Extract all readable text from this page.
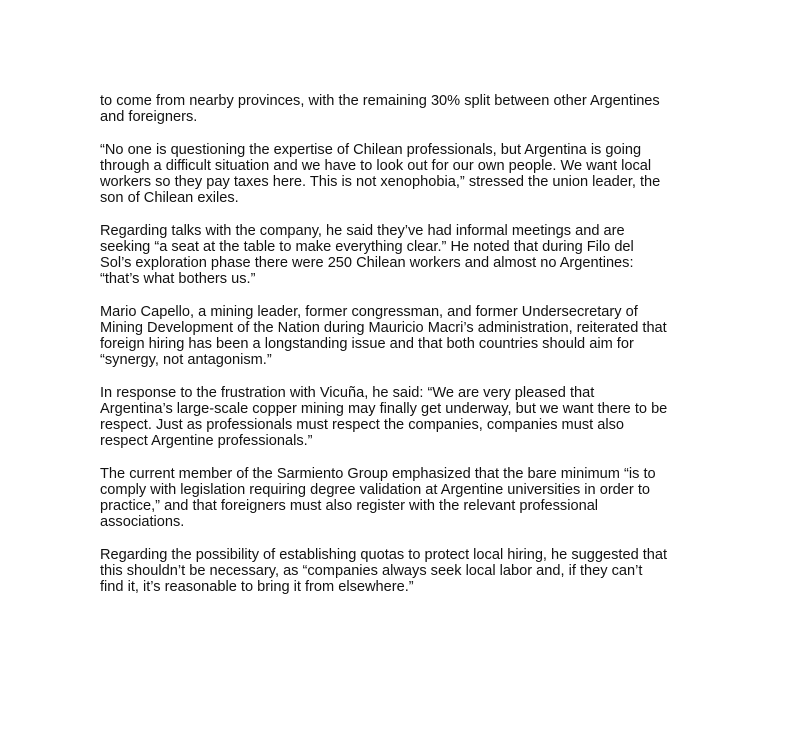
to come from nearby provinces, with the remaining 30% split between other Argentines
and foreigners.

“No one is questioning the expertise of Chilean professionals, but Argentina is going
through a difficult situation and we have to look out for our own people. We want local
workers so they pay taxes here. This is not xenophobia,” stressed the union leader, the
son of Chilean exiles.

Regarding talks with the company, he said they’ve had informal meetings and are
seeking “a seat at the table to make everything clear.” He noted that during Filo del
Sol’s exploration phase there were 250 Chilean workers and almost no Argentines:
“that’s what bothers us.”

Mario Capello, a mining leader, former congressman, and former Undersecretary of
Mining Development of the Nation during Mauricio Macri’s administration, reiterated that
foreign hiring has been a longstanding issue and that both countries should aim for
“synergy, not antagonism.”

In response to the frustration with Vicuña, he said: “We are very pleased that
Argentina’s large-scale copper mining may finally get underway, but we want there to be
respect. Just as professionals must respect the companies, companies must also
respect Argentine professionals.”

The current member of the Sarmiento Group emphasized that the bare minimum “is to
comply with legislation requiring degree validation at Argentine universities in order to
practice,” and that foreigners must also register with the relevant professional
associations.

Regarding the possibility of establishing quotas to protect local hiring, he suggested that
this shouldn’t be necessary, as “companies always seek local labor and, if they can’t
find it, it’s reasonable to bring it from elsewhere.”
